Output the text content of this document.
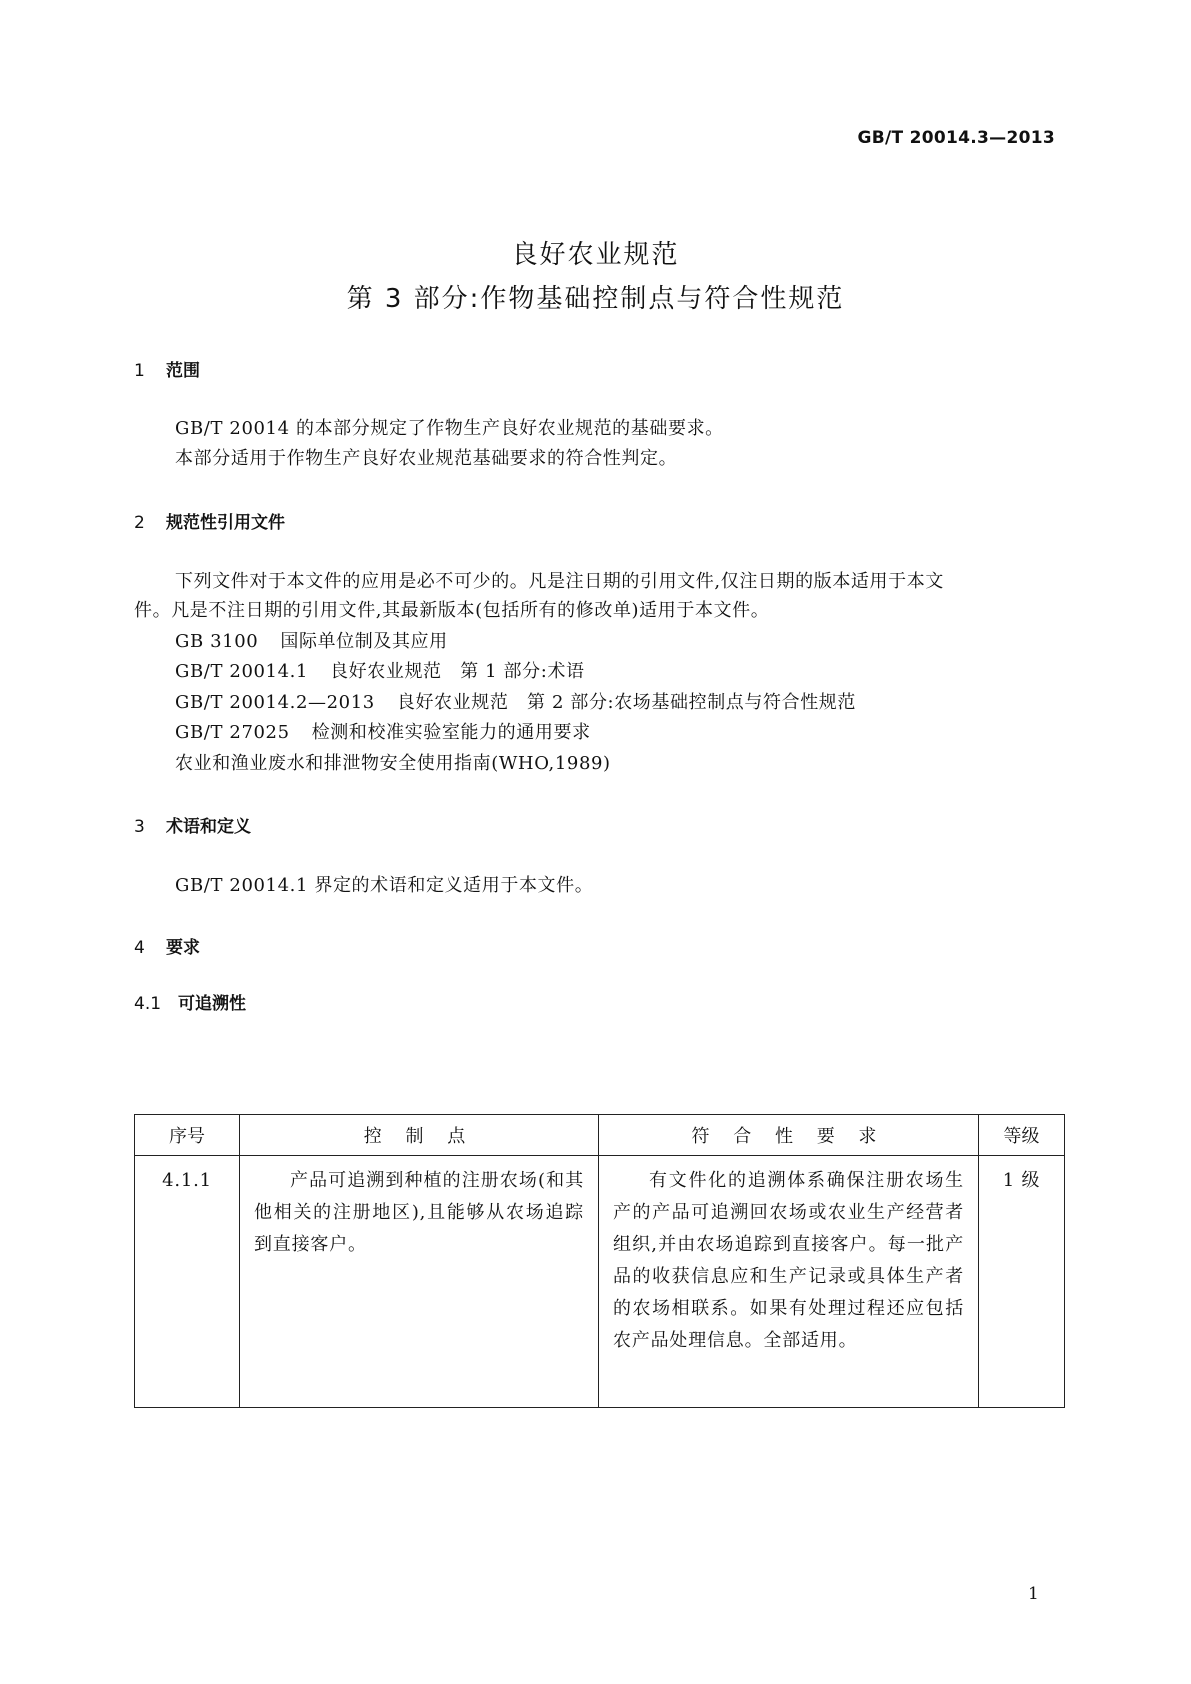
GB/T 20014.3—2013
良好农业规范
第 3 部分:作物基础控制点与符合性规范
1 范围
GB/T 20014 的本部分规定了作物生产良好农业规范的基础要求。
本部分适用于作物生产良好农业规范基础要求的符合性判定。
2 规范性引用文件
下列文件对于本文件的应用是必不可少的。凡是注日期的引用文件,仅注日期的版本适用于本文
件。凡是不注日期的引用文件,其最新版本(包括所有的修改单)适用于本文件。
GB 3100 国际单位制及其应用
GB/T 20014.1 良好农业规范　第 1 部分:术语
GB/T 20014.2—2013 良好农业规范　第 2 部分:农场基础控制点与符合性规范
GB/T 27025 检测和校准实验室能力的通用要求
农业和渔业废水和排泄物安全使用指南(WHO,1989)
3 术语和定义
GB/T 20014.1 界定的术语和定义适用于本文件。
4 要求
4.1 可追溯性
序号	控 制 点	符 合 性 要 求	等级
4.1.1	产品可追溯到种植的注册农场(和其他相关的注册地区),且能够从农场追踪到直接客户。	有文件化的追溯体系确保注册农场生产的产品可追溯回农场或农业生产经营者组织,并由农场追踪到直接客户。每一批产品的收获信息应和生产记录或具体生产者的农场相联系。如果有处理过程还应包括农产品处理信息。全部适用。	1 级
1
